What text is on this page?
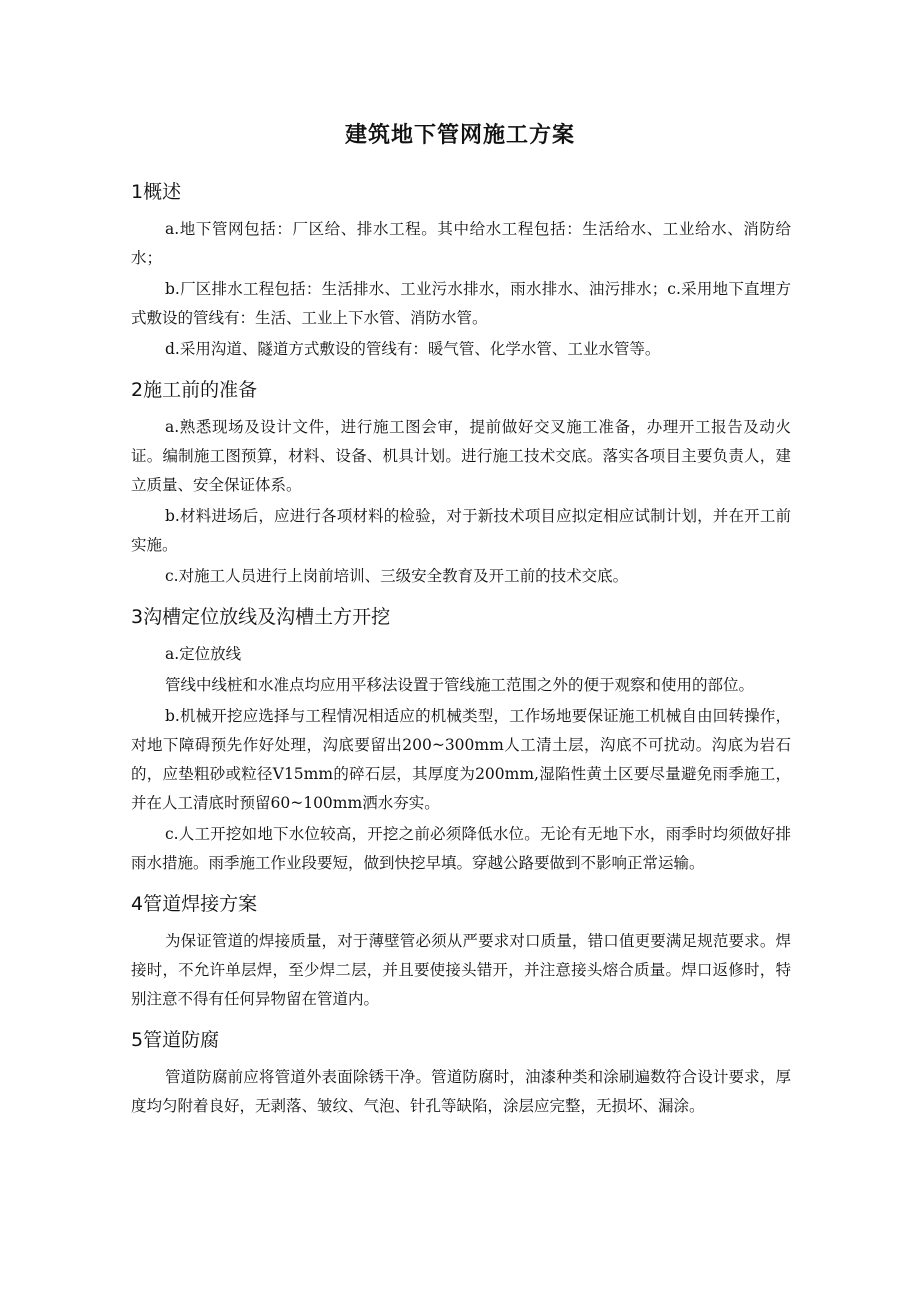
建筑地下管网施工方案
1概述

a.地下管网包括：厂区给、排水工程。其中给水工程包括：生活给水、工业给水、消防给水；

b.厂区排水工程包括：生活排水、工业污水排水，雨水排水、油污排水；c.采用地下直埋方式敷设的管线有：生活、工业上下水管、消防水管。

d.采用沟道、隧道方式敷设的管线有：暖气管、化学水管、工业水管等。

2施工前的准备

a.熟悉现场及设计文件，进行施工图会审，提前做好交叉施工准备，办理开工报告及动火证。编制施工图预算，材料、设备、机具计划。进行施工技术交底。落实各项目主要负责人，建立质量、安全保证体系。

b.材料进场后，应进行各项材料的检验，对于新技术项目应拟定相应试制计划，并在开工前实施。

c.对施工人员进行上岗前培训、三级安全教育及开工前的技术交底。

3沟槽定位放线及沟槽土方开挖

a.定位放线

管线中线桩和水准点均应用平移法设置于管线施工范围之外的便于观察和使用的部位。

b.机械开挖应选择与工程情况相适应的机械类型，工作场地要保证施工机械自由回转操作，对地下障碍预先作好处理，沟底要留出200~300mm人工清土层，沟底不可扰动。沟底为岩石的，应垫粗砂或粒径V15mm的碎石层，其厚度为200mm,湿陷性黄土区要尽量避免雨季施工，并在人工清底时预留60~100mm洒水夯实。

c.人工开挖如地下水位较高，开挖之前必须降低水位。无论有无地下水，雨季时均须做好排雨水措施。雨季施工作业段要短，做到快挖早填。穿越公路要做到不影响正常运输。

4管道焊接方案

为保证管道的焊接质量，对于薄壁管必须从严要求对口质量，错口值更要满足规范要求。焊接时，不允许单层焊，至少焊二层，并且要使接头错开，并注意接头熔合质量。焊口返修时，特别注意不得有任何异物留在管道内。

5管道防腐

管道防腐前应将管道外表面除锈干净。管道防腐时，油漆种类和涂刷遍数符合设计要求，厚度均匀附着良好，无剥落、皱纹、气泡、针孔等缺陷，涂层应完整，无损坏、漏涂。
